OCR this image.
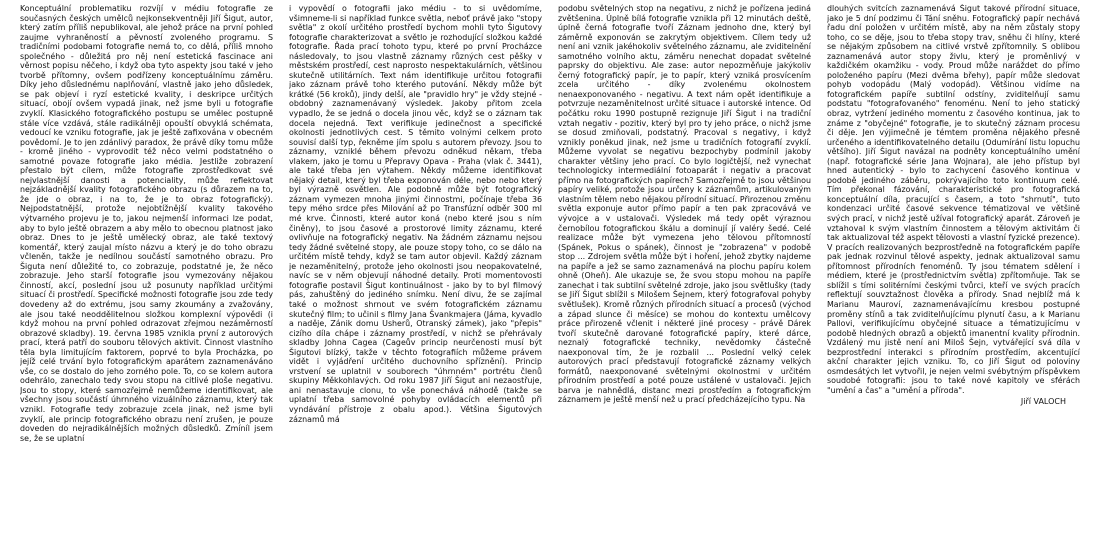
Konceptuální problematiku rozvíjí v médiu fotografie ze současných českých umělců nejkonsekventněji Jiří Šigut, autor, který zatím příliš nepublikoval, ale jehož práce na první pohled zaujme vyhraněností a pěvností zvoleného programu. S tradičními podobami fotografie nemá to, co dělá, příliš mnoho společného - důležitá pro něj není estetická fascinace ani věrnost popisu něčeho, i když oba tyto aspekty jsou také v jeho tvorbě přítomny, ovšem podřízeny konceptuálnímu záměru. Díky jeho důslednému naplňování, vlastně jako jeho důsledek, se pak objeví i ryzí estetické kvality, i deskripce určitých situací, obojí ovšem vypadá jinak, než jsme byli u fotografie zvyklí. Klasického fotografického postupu se umělec postupně stále více vzdává, stále radikálněji opouští obvyklá schémata, vedoucí ke vzniku fotografie, jak je ještě zafixována v obecném povědomí. Je to jen zdánlivý paradox, že právě díky tomu může - kromě jiného - vyprovodit též něco velmi podstatného o samotné povaze fotografie jako média. Jestliže zobrazení přestalo být cílem, může fotografie zprostředkovat své nejvlastnější danosti a potenciality, může reflektovat nejzákladnější kvality fotografického obrazu (s důrazem na to, že jde o obraz, i na to, že je to obraz fotografický). Nejpodstatnější, protože nejobtížnější kvality takového výtvarného projevu je to, jakou nejmenší informaci lze podat, aby to bylo ještě obrazem a aby mělo to obecnou platnost jako obraz. Dnes to je ještě umělecký obraz, ale také textový komentář, který zaujal místo názvu a který je do toho obrazu včleněn, takže je nedílnou součástí samotného obrazu. Pro Šiguta není důležité to, co zobrazuje, podstatné je, že něco zobrazuje. Jeho starší fotografie jsou vymezovány nějakou činností, akcí, poslední jsou už posunuty například určitými situací či prostředí. Specifické možnosti fotografie jsou zde tedy dovedeny až do extrému, jsou samy zkoumány a zvažovány, ale jsou také neoddělitelnou složkou komplexní výpovědi (i když mohou na první pohled odrazovat zřejmou nezáměrností obrazové skladby). 19. června 1985 vznikla první z autorových prací, která patří do souboru tělových aktivit. Činnost vlastního těla byla limitujícím faktorem, poprvé to byla Procházka, po jejíž celé trvání bylo fotografickým aparátem zaznamenáváno vše, co se dostalo do jeho zorného pole. To, co se kolem autora odehrálo, zanechalo tedy svou stopu na citlivé ploše negativu. Jsou to stopy, které samozřejmě nemůžeme identifikovat, ale všechny jsou součástí úhrnného vizuálního záznamu, který tak vznikl. Fotografie tedy zobrazuje zcela jinak, než jsme byli zvyklí, ale princip fotografického obrazu není zrušen, je pouze doveden do nejradikálnějších možných důsledků. Zmíníl jsem se, že se uplatní

i vypovědí o fotografii jako médiu - to si uvědomíme, všimneme-li si například funkce světla, neboť právě jako "stopy světla" z okolí určitého prostředí bychom mohli tyto Šigutovy fotografie charakterizovat a světlo je rozhodující složkou každé fotografie. Řada prací tohoto typu, které po první Procházce následovaly, to jsou vlastně záznamy různých cest pěšky v městském prostředí, cest naprosto nespektakulárních, většinou skutečně utilitárních. Text nám identifikuje určitou fotografii jako záznam právě toho kterého putování. Někdy může být krátké (56 kroků), jindy delší, ale "pravidlo hry" je vždy stejné - obdobný zaznamenávaný výsledek. Jakoby přitom zcela vypadlo, že se jedná o docela jinou věc, když se o záznam tak docela nejedná. Text verifikuje jedinečnost a specifické okolnosti jednotlivých cest. S těmito volnými celkem proto souvisí další typ, řekněme jím spolu s autorem převozy. Jsou to záznamy, vzniklé během převozu odněkud někam, třeba vlakem, jako je tomu u Přepravy Opava - Praha (vlak č. 3441), ale také třeba jen výtahem. Někdy můžeme identifikovat nějaký detail, který byl třeba exponován déle, nebo nebo který byl výrazně osvětlen. Ale podobně může být fotografický záznam vymezen mnoha jinými činnostmi, počínaje třeba 36 tepy mého srdce přes Milování až po Transfúzní odběr 300 ml mé krve. Činnosti, které autor koná (nebo které jsou s ním činěny), to jsou časové a prostorové limity záznamu, které ovlivňuje na fotografický negativ. Na žádném záznamu nejsou tedy žádné světelné stopy, ale pouze stopy toho, co se dálo na určitém místě tehdy, když se tam autor objevil. Každý záznam je nezaměnitelný, protože jeho okolnosti jsou neopakovatelné, navíc se v něm objevují náhodné detaily. Proti momentovosti fotografie postavil Šigut kontinuálnost - jako by to byl filmový pás, zahuštěný do jediného snímku. Není divu, že se zajímal také o možnost shrnout ve svém fotografickém záznamu skutečný film; to učinil s filmy Jana Švankmajera (Jáma, kyvadlo a naděje, Zánik domu Usherů, Otranský zámek), jako "přepis" cizího díla chápe i záznamy prostředí, v nichž se přehrávaly skladby Johna Cagea (Cageův princip neurčenosti musí být Šigutovi blízký, takže v těchto fotografiích můžeme právem vidět i vyjádření určitého duchovního spříznění). Princip vrstvení se uplatnil v souborech "úhrnném" portrétu členů skupiny Měkkohlavých. Od roku 1987 Jiří Šigut ani nezaostřuje, ani nenastavuje clonu, to vše ponechává náhodě (takže se uplatní třeba samovolné pohyby ovládacích elementů při vyndávání přístroje z obalu apod.). Většina Šigutových záznamů má

podobu světelných stop na negativu, z nichž je pořízena jediná zvětšenina. Úplně bílá fotografie vznikla při 12 minutách deště, úplně černá fotografie tvoří Záznam jednoho dne, který byl záměrně exponován se zakrytým objektivem. Cílem tedy už není ani vznik jakéhokoliv světelného záznamu, ale zviditelnění samotného volního aktu, záměru nenechat dopadat světelné paprsky do objektivu. Ale zase: autor nepozměňuje jakýkoliv černý fotografický papír, je to papír, který vzniká prosvícením zcela určitého - díky zvolenému okolnostem nenaexponovaného - negativu. A text nám opět identifikuje a potvrzuje nezaměnitelnost určité situace i autorské intence. Od počátku roku 1990 postupně rezignuje Jiří Šigut i na tradiční vztah negativ - pozitiv, který byl pro ty jeho práce, o nichž jsme se dosud zmiňovali, podstatný. Pracoval s negativy, i když vznikly poněkud jinak, než jsme u tradičních fotografií zvyklí. Můžeme vyvolat se negativu bezpochyby podmínil jakoby charakter většiny jeho prací. Co bylo logičtější, než vynechat technologicky intermediální fotoaparát i negativ a pracovat přímo na fotografických papírech? Samozřejmě to jsou většinou papíry veliké, protože jsou určeny k záznamům, artikulovaným vlastním tělem nebo nějakou přírodní situací. Přirozenou změnu světla exponuje autor přímo papír a ten pak zpracovává ve vývojce a v ustalovači. Výsledek má tedy opět výraznou černobílou fotografickou škálu a dominují jí valéry šedé. Celé realizace může být vymezena jeho tělovou přítomností (Spánek, Pokus o spánek), činnost je "zobrazena" v podobě stop ... Zdrojem světla může být i hoření, jehož zbytky najdeme na papíře a jež se samo zaznamenává na plochu papíru kolem ohně (Oheň). Ale ukazuje se, že svou stopu mohou na papíře zanechat i tak subtilní světelné zdroje, jako jsou světlušky (tady se Jiří Šigut sblížil s Milošem Šejnem, který fotografoval pohyby světlušek). Kromě různých přírodních situací a procesů (východ a západ slunce či měsíce) se mohou do kontextu umělcovy práce přirozeně včlenit i některé jiné procesy - právě Dárek tvoří skutečně darované fotografické papíry, které dárce, neznalý fotografické techniky, nevědomky částečně naexponoval tím, že je rozbalil ... Poslední velký celek autorových prací představují fotografické záznamy velkých formátů, naexponované světelnými okolnostmi v určitém přírodním prostředí a poté pouze ustálené v ustalovači. Jejich barva je nahnědlá, distanc mezi prostředím a fotografickým záznamem je ještě menší než u prací předcházejícího typu. Na

dlouhých svitcích zaznamenává Šigut takové přírodní situace, jako je 5 dní podzimu či Tání sněhu. Fotografický papír nechává řadu dní položen v určitém místě, aby na něm zůstaly stopy toho, co se děje, jsou to třeba stopy trav, sněhu či hlíny, které se nějakým způsobem na citlivé vrstvě zpřítomnily. S oblibou zaznamenává autor stopy živlu, který je proměnlivý v každičkém okamžiku - vody. Proud může naráždet do přímo položeného papíru (Mezi dvěma břehy), papír může sledovat pohyb vodopádu (Malý vodopád). Většinou vidíme na fotografickém papíře subtilní odstíny, zviditelňují samu podstatu "fotografovaného" fenoménu. Není to jeho statický obraz, vytržení jediného momentu z časového kontinua, jak to známe z "obyčejné" fotografie, je to skutečný záznam procesu či děje. Jen výjimečně je témtem proměna nějakého přesně určeného a identifikovatelného detailu (Odumírání listu lopuchu většího). Jiří Šigut navázal na podněty konceptuálního umění (např. fotografické série Jana Wojnara), ale jeho přístup byl hned autentický - bylo to zachycení časového kontinua v podobě jediného záběru, pokrývajícího toto kontinuum celé. Tím překonal fázování, charakteristické pro fotografická konceptuální díla, pracující s časem, a toto "shrnutí", tuto kondenzaci určité časové sekvence tématizoval ve většině svých prací, v nichž jestě užíval fotografický aparát. Zároveň je vztahoval k svým vlastním činnostem a tělovým aktivitám či tak aktualizoval též aspekt tělovosti a vlastní fyzické prezence). V pracích realizovaných bezprostředně na fotografickém papíře pak jednak rozvinul tělové aspekty, jednak aktualizoval samu přítomnost přírodních fenoménů. Ty jsou tématem sdělení i médiem, které je (prostřednictvím světla) zpřítomňuje. Tak se sblížil s tími solitérními českými tvůrci, kteří ve svých pracích reflektují souvztažnost člověka a přírody. Snad nejblíž má k Marianu Mauroví, zaznamenávajícímu kresbou postupné proměny stínů a tak zviditelňujícímu plynutí času, a k Marianu Pallovi, verifikujícímu obyčejné situace a tématizujícímu v podobě hledných obrazů a objektů imanentní kvality přírodnin. Vzdálený mu jistě není ani Miloš Šejn, vytvářející svá díla v bezprostřední interakci s přírodním prostředím, akcentující akční charakter jejich vzniku. To, co Jiří Šigut od poloviny osmdesátých let vytvořil, je nejen velmi svébytným příspěvkem soudobé fotografii: jsou to také nové kapitoly ve sférách "umění a čas" a "umění a příroda".

Jiří VALOCH
